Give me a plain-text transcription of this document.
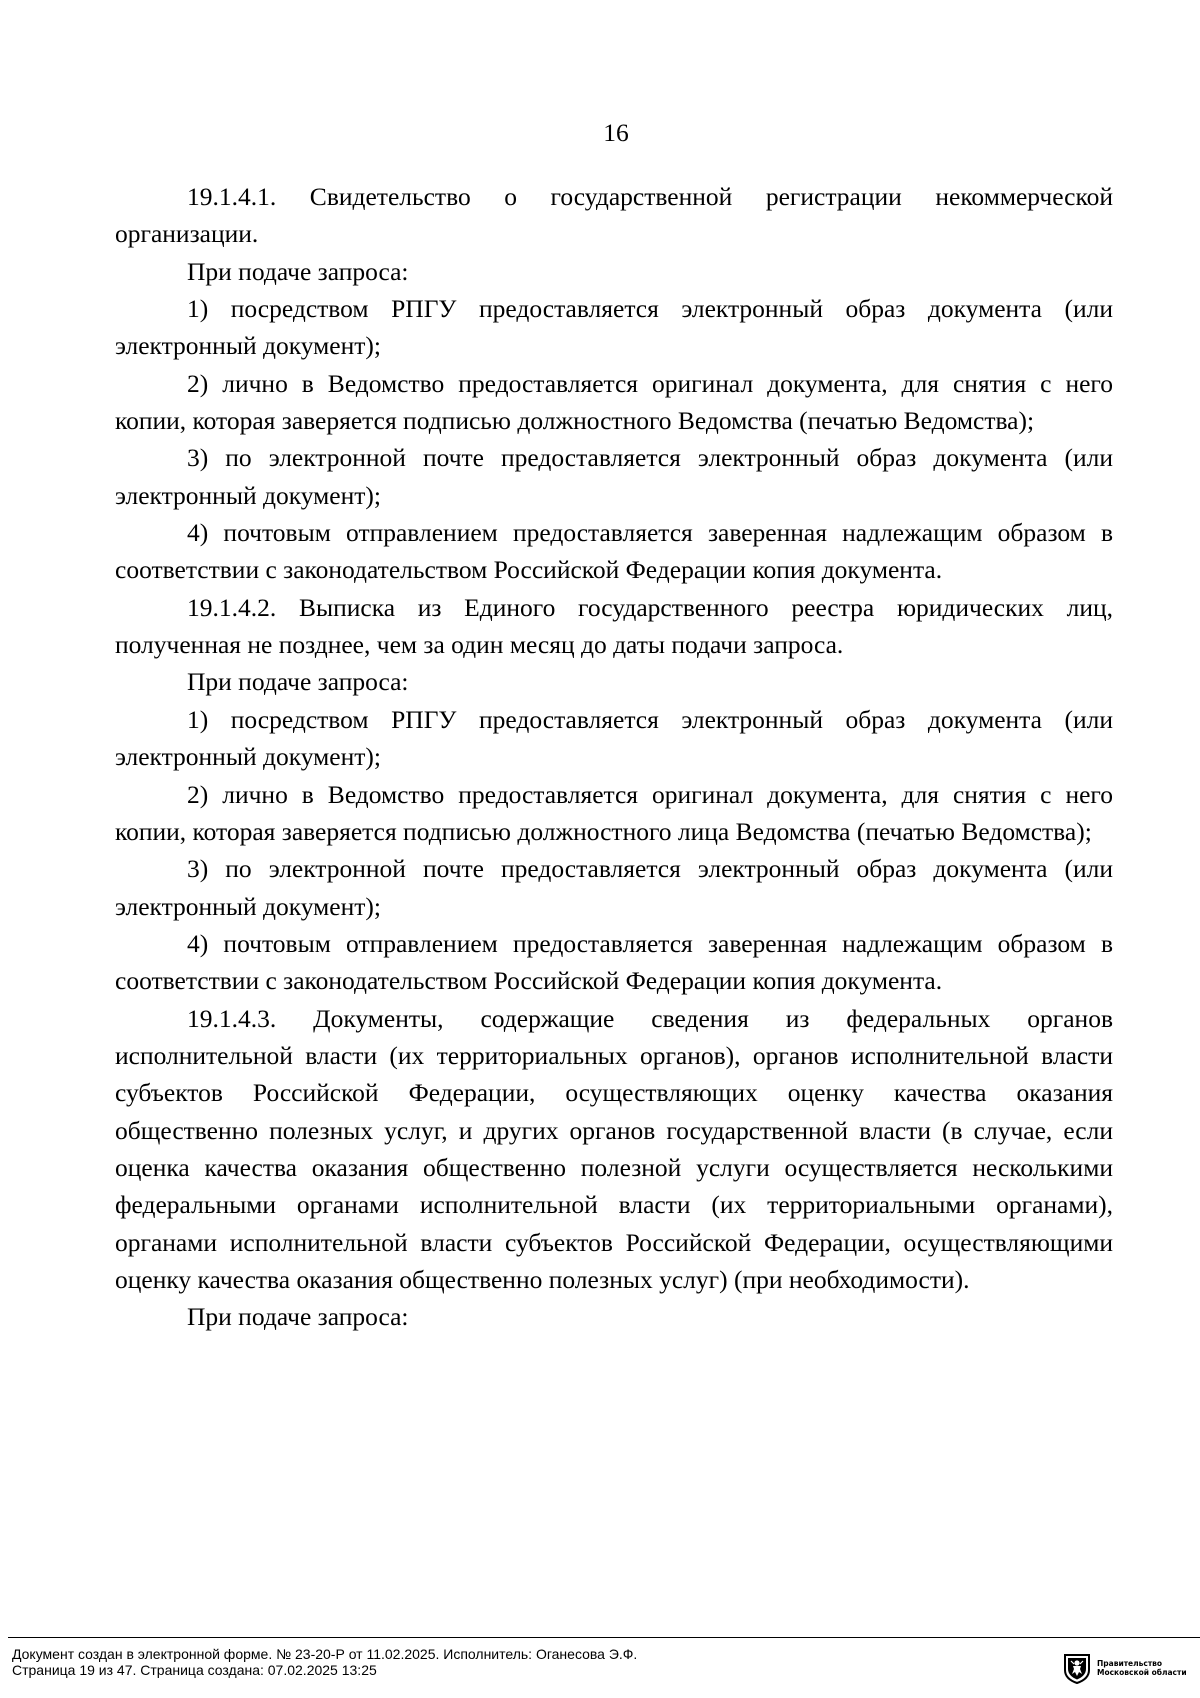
16

19.1.4.1. Свидетельство о государственной регистрации некоммерческой организации.

При подаче запроса:

1) посредством РПГУ предоставляется электронный образ документа (или электронный документ);

2) лично в Ведомство предоставляется оригинал документа, для снятия с него копии, которая заверяется подписью должностного Ведомства (печатью Ведомства);

3) по электронной почте предоставляется электронный образ документа (или электронный документ);

4) почтовым отправлением предоставляется заверенная надлежащим образом в соответствии с законодательством Российской Федерации копия документа.

19.1.4.2. Выписка из Единого государственного реестра юридических лиц, полученная не позднее, чем за один месяц до даты подачи запроса.

При подаче запроса:

1) посредством РПГУ предоставляется электронный образ документа (или электронный документ);

2) лично в Ведомство предоставляется оригинал документа, для снятия с него копии, которая заверяется подписью должностного лица Ведомства (печатью Ведомства);

3) по электронной почте предоставляется электронный образ документа (или электронный документ);

4) почтовым отправлением предоставляется заверенная надлежащим образом в соответствии с законодательством Российской Федерации копия документа.

19.1.4.3. Документы, содержащие сведения из федеральных органов исполнительной власти (их территориальных органов), органов исполнительной власти субъектов Российской Федерации, осуществляющих оценку качества оказания общественно полезных услуг, и других органов государственной власти (в случае, если оценка качества оказания общественно полезной услуги осуществляется несколькими федеральными органами исполнительной власти (их территориальными органами), органами исполнительной власти субъектов Российской Федерации, осуществляющими оценку качества оказания общественно полезных услуг) (при необходимости).

При подаче запроса:

Документ создан в электронной форме. № 23-20-Р от 11.02.2025. Исполнитель: Оганесова Э.Ф.
Страница 19 из 47. Страница создана: 07.02.2025 13:25	Правительство
Московской области
